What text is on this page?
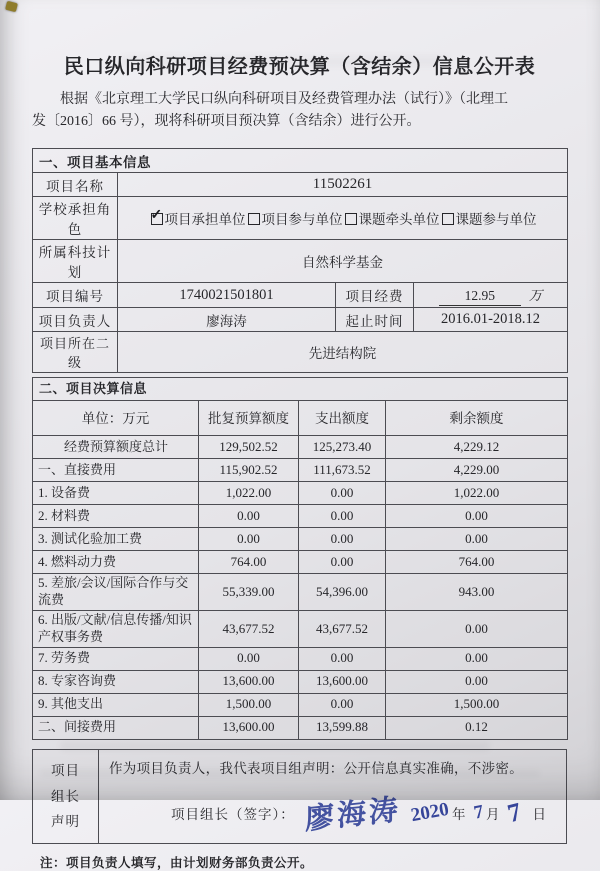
民口纵向科研项目经费预决算（含结余）信息公开表

根据《北京理工大学民口纵向科研项目及经费管理办法（试行）》（北理工
发〔2016〕66 号），现将科研项目预决算（含结余）进行公开。

一、项目基本信息			
项目名称	11502261		
学校承担角色	✓项目承担单位 项目参与单位 课题牵头单位 课题参与单位
所属科技计划	自然科学基金		
项目编号	1740021501801	项目经费	12.95 万
项目负责人	廖海涛	起止时间	2016.01-2018.12
项目所在二级	先进结构院		
二、项目决算信息			
单位：万元	批复预算额度	支出额度	剩余额度
经费预算额度总计	129,502.52	125,273.40	4,229.12
一、直接费用	115,902.52	111,673.52	4,229.00
1. 设备费	1,022.00	0.00	1,022.00
2. 材料费	0.00	0.00	0.00
3. 测试化验加工费	0.00	0.00	0.00
4. 燃料动力费	764.00	0.00	764.00
5. 差旅/会议/国际合作与交流费	55,339.00	54,396.00	943.00
6. 出版/文献/信息传播/知识产权事务费	43,677.52	43,677.52	0.00
7. 劳务费	0.00	0.00	0.00
8. 专家咨询费	13,600.00	13,600.00	0.00
9. 其他支出	1,500.00	0.00	1,500.00
二、间接费用	13,600.00	13,599.88	0.12
项目
组长
声明

作为项目负责人，我代表项目组声明：公开信息真实准确，不涉密。
项目组长（签字）： 廖海涛 2020 年 7 月 7 日
注：项目负责人填写，由计划财务部负责公开。
